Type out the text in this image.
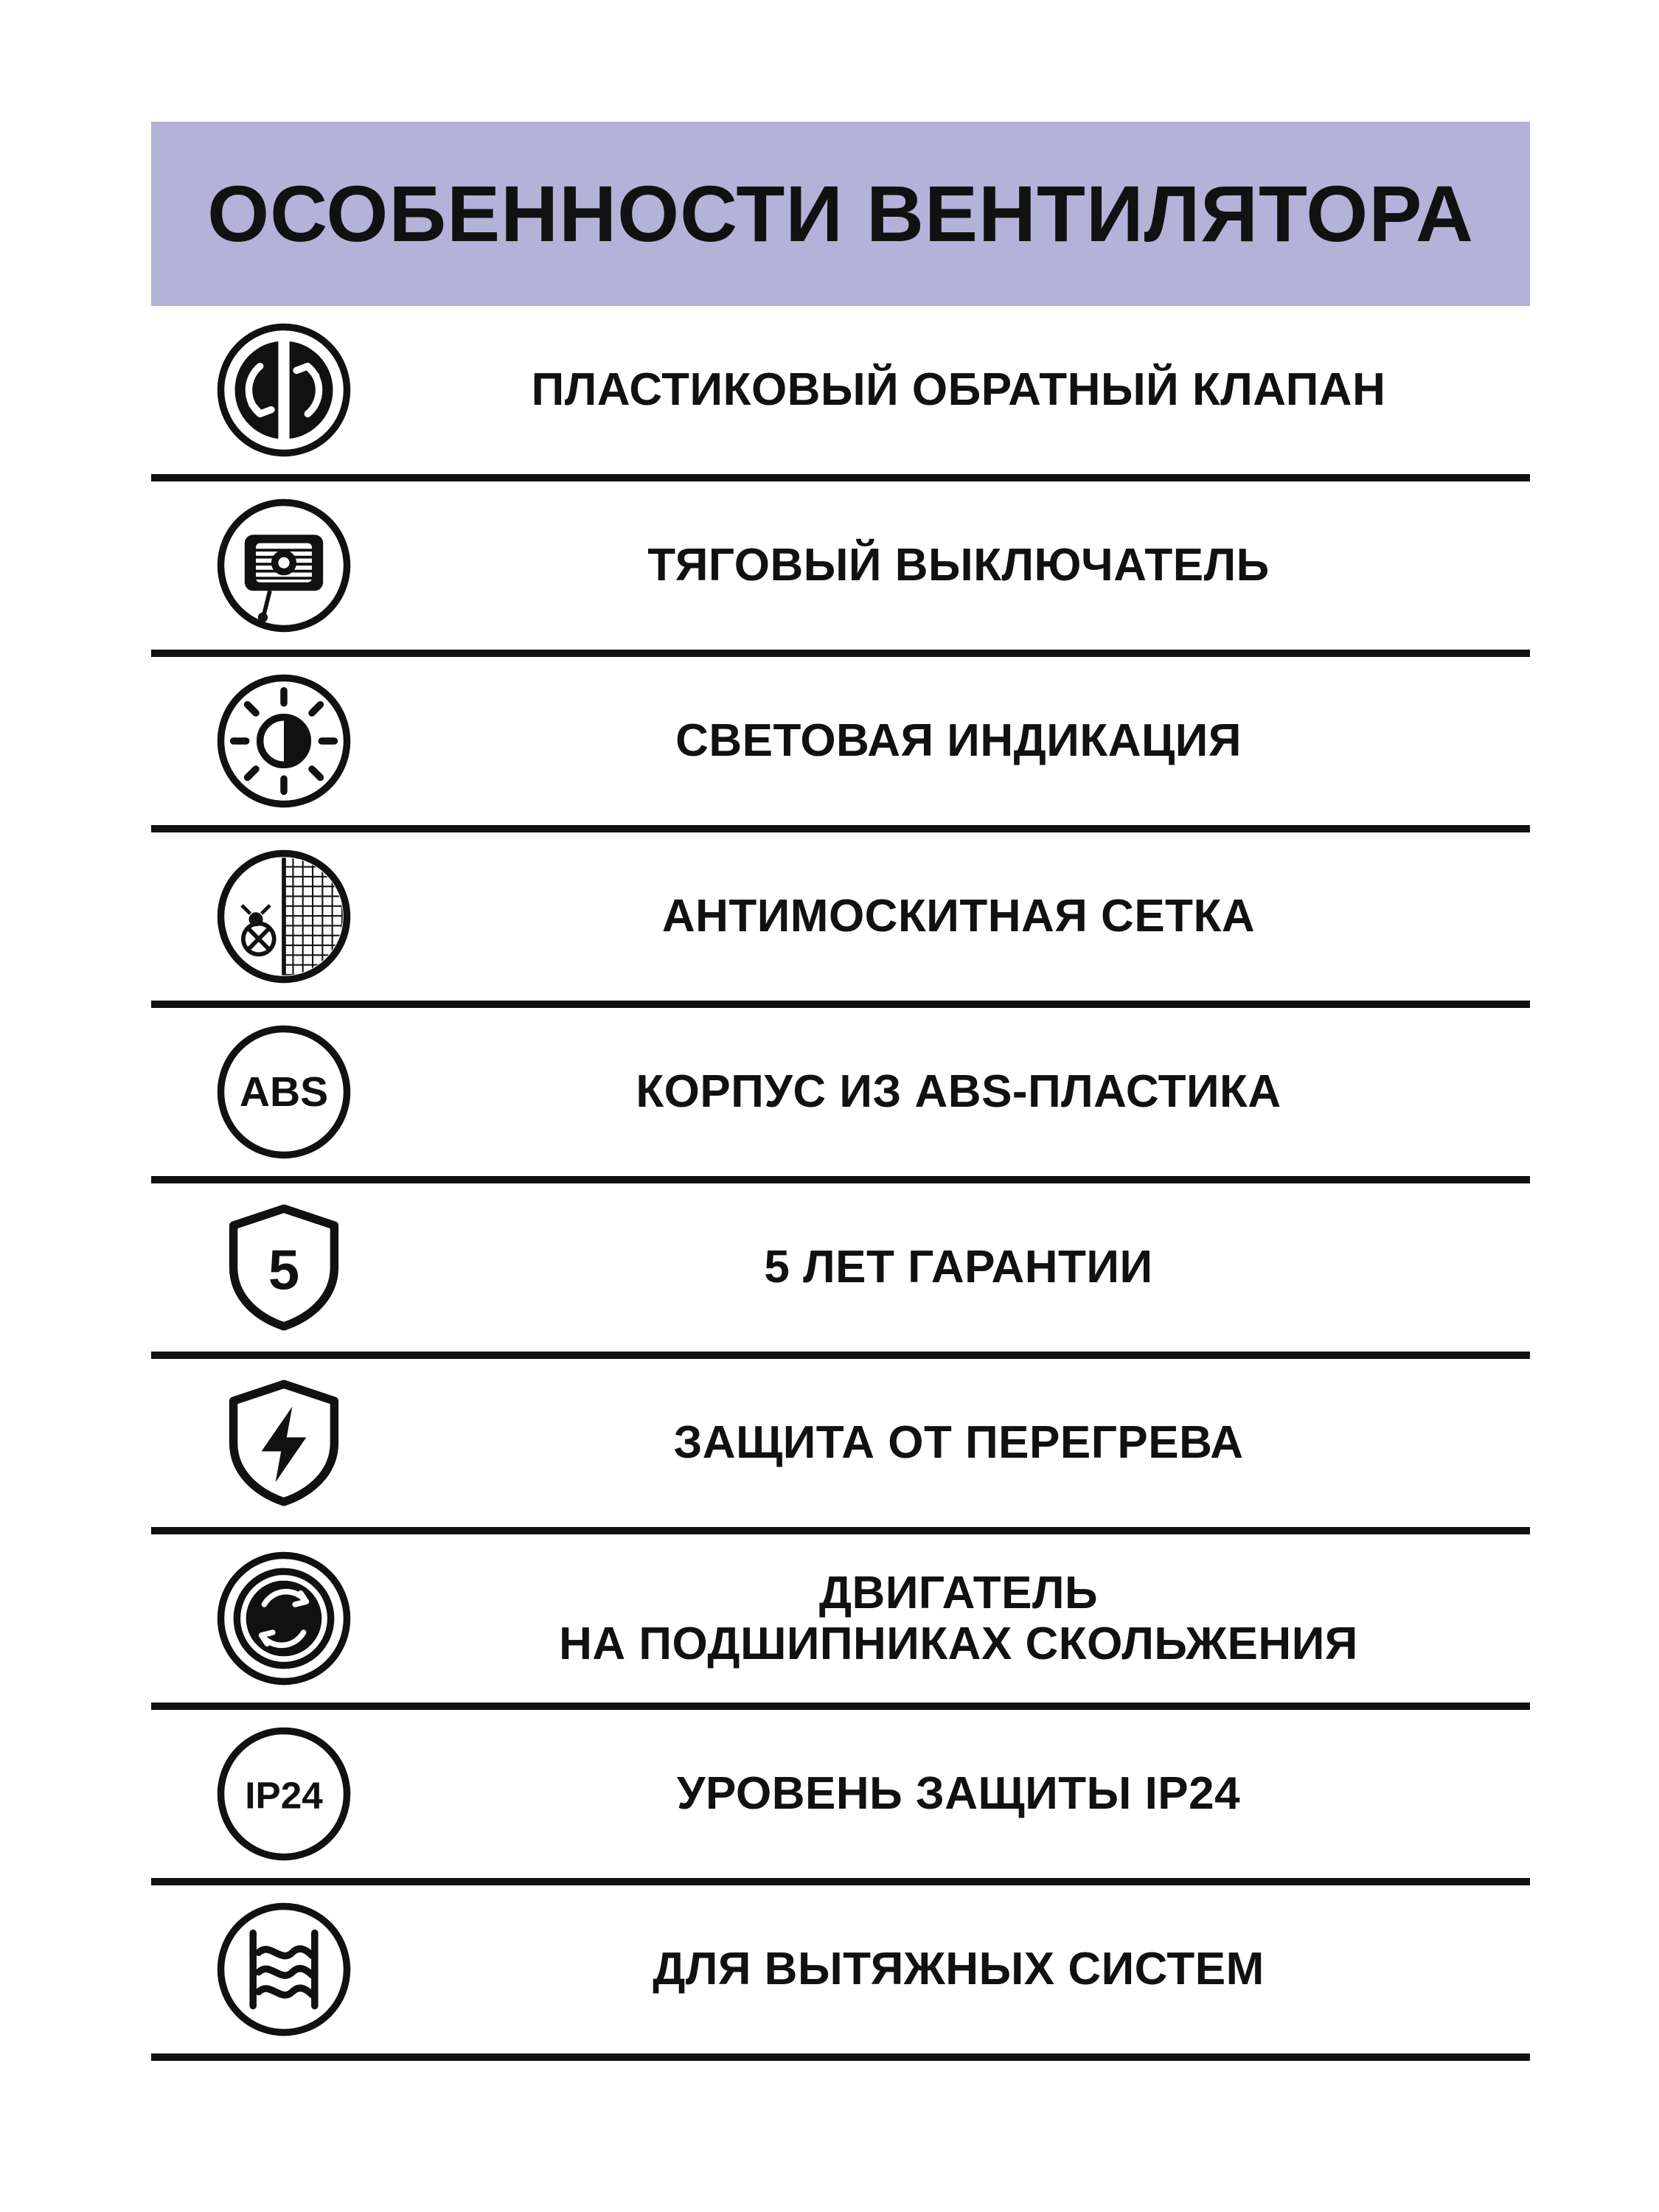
ОСОБЕННОСТИ ВЕНТИЛЯТОРА
ПЛАСТИКОВЫЙ ОБРАТНЫЙ КЛАПАН
ТЯГОВЫЙ ВЫКЛЮЧАТЕЛЬ
СВЕТОВАЯ ИНДИКАЦИЯ
АНТИМОСКИТНАЯ СЕТКА
ABS	КОРПУС ИЗ ABS-ПЛАСТИКА
5	5 ЛЕТ ГАРАНТИИ
ЗАЩИТА ОТ ПЕРЕГРЕВА
ДВИГАТЕЛЬ
НА ПОДШИПНИКАХ СКОЛЬЖЕНИЯ
IP24	УРОВЕНЬ ЗАЩИТЫ IP24
ДЛЯ ВЫТЯЖНЫХ СИСТЕМ
